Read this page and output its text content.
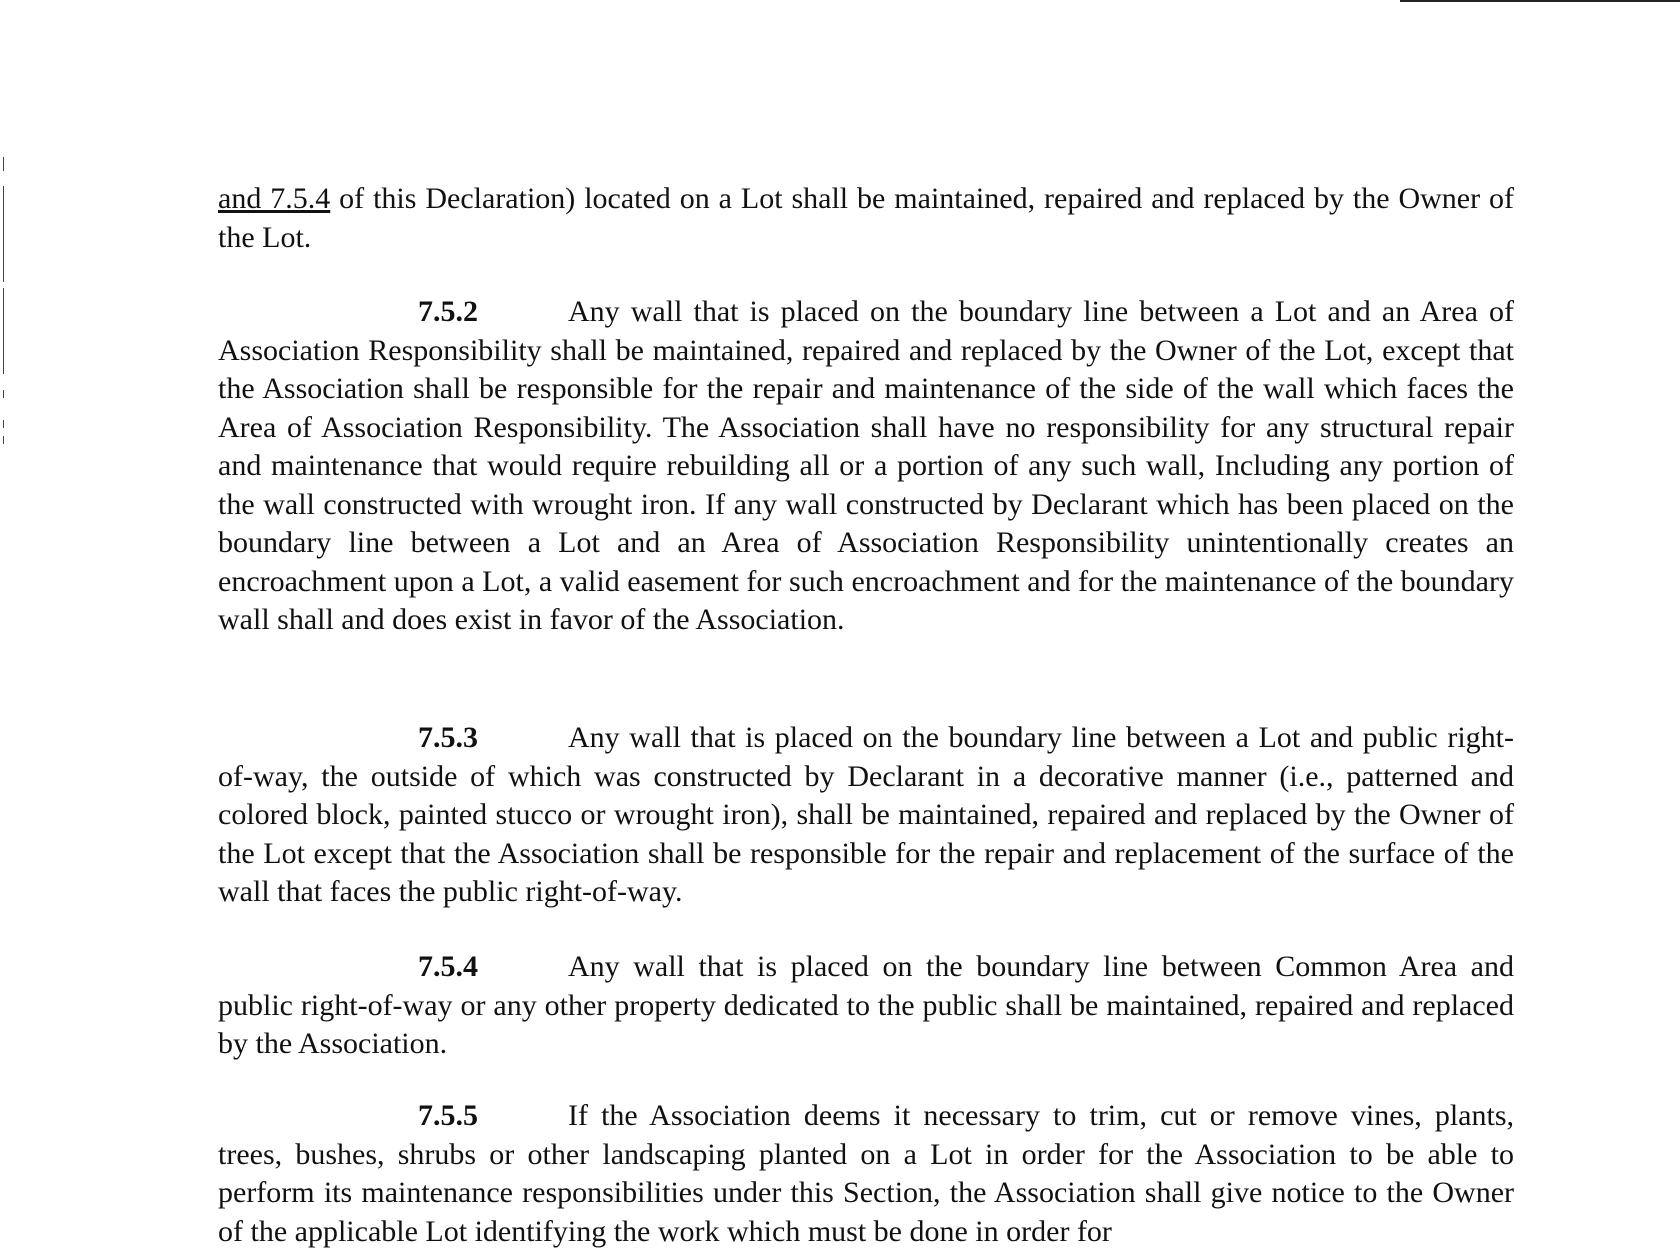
and 7.5.4 of this Declaration) located on a Lot shall be maintained, repaired and replaced by the Owner of the Lot.

7.5.2	Any wall that is placed on the boundary line between a Lot and an Area of Association Responsibility shall be maintained, repaired and replaced by the Owner of the Lot, except that the Association shall be responsible for the repair and maintenance of the side of the wall which faces the Area of Association Responsibility. The Association shall have no responsibility for any structural repair and maintenance that would require rebuilding all or a portion of any such wall, Including any portion of the wall constructed with wrought iron. If any wall constructed by Declarant which has been placed on the boundary line between a Lot and an Area of Association Responsibility unintentionally creates an encroachment upon a Lot, a valid easement for such encroachment and for the maintenance of the boundary wall shall and does exist in favor of the Association.

7.5.3	Any wall that is placed on the boundary line between a Lot and public right-of-way, the outside of which was constructed by Declarant in a decorative manner (i.e., patterned and colored block, painted stucco or wrought iron), shall be maintained, repaired and replaced by the Owner of the Lot except that the Association shall be responsible for the repair and replacement of the surface of the wall that faces the public right-of-way.

7.5.4	Any wall that is placed on the boundary line between Common Area and public right-of-way or any other property dedicated to the public shall be maintained, repaired and replaced by the Association.

7.5.5	If the Association deems it necessary to trim, cut or remove vines, plants, trees, bushes, shrubs or other landscaping planted on a Lot in order for the Association to be able to perform its maintenance responsibilities under this Section, the Association shall give notice to the Owner of the applicable Lot identifying the work which must be done in order for
